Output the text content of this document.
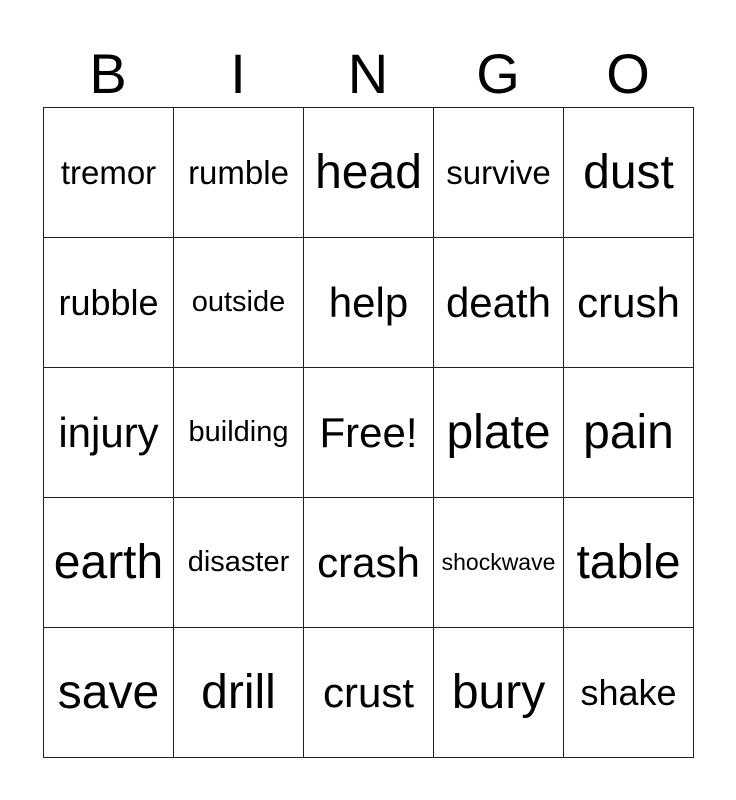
B	I	N	G	O
tremor rumble head survive dust
rubble	outside	help death crush
injury	building Free! plate pain
earth disaster crash shockwave table
save drill	crust bury shake
